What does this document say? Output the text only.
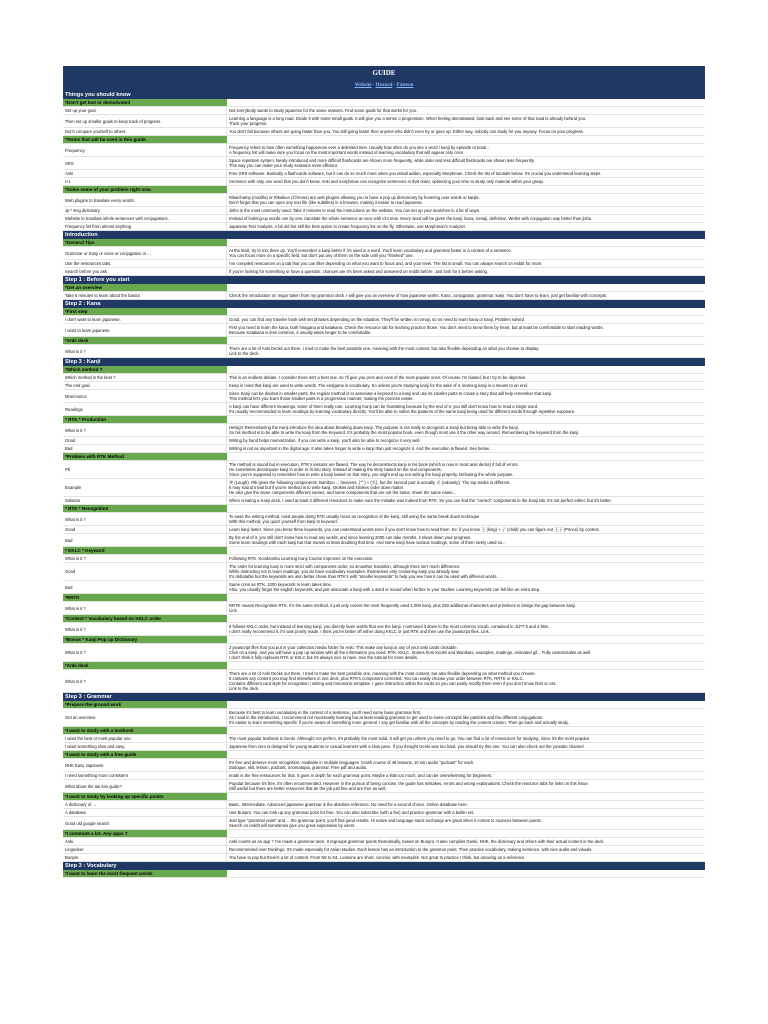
GUIDE
Website - Discord - Patreon
Things you should know
*Don't get lost or demotivated
Set up your goal.	Not everybody wants to study japanese for the same reasons. Find some goals for that works for you.
Then set up smaller goals to keep track of progress.	Learning a language is a long road. Divide it with some small goals. It will give you a sense o progression. When feeling demotivated, look back and see some of that road is already behind you.
Track your progress.
Don't compare yourself to others.	You don't fail because others are going faster than you. You still going faster then anyone who didn't even try or gave up. Either way, nobody can study for you anyway. Focus on your progress.
*Terms that will be used in this guide.
Frequency	Frequency refers to how often something happenens over a delimited time. Usually how often do you see a word / kanji by episode or book...
A frequency list will make sure you focus on the most important words instead of learning vocabulary that will appear only once.
SRS	Space repetition system. Newly introduced and more difficult flashcards are shown more frequently, while older and less difficult flashcards are shown less frequently.
This way you can make your study sessions more efficient.
Anki	Free SRS software. Basically a flashcards software, but it can do so much more when you install addon, especially Morphman. Check the list of tutorials below. It's crucial you understand learning steps.
i+1	Sentence with only one word that you don't know. Anki and morphman can recognize sentences in that order, optimizing your time to study only material within your grasp.
*Solve some of your problem right now.
Web plugins to translate every words.	Rikaichamp (mozilla) or Rikaikun (Chrome) are web plugins allowing you to have a pop up dictionnary by hovering over words or kanjis.
Don't forget that you can open any text file (like subtitles) in a browser, making it easier to read japanese.
Jp * Eng dictionary	Jisho is the most commonly used. Take 2 minutes to read the instructions on the website. You can set up your searches in a lot of ways.
Website to translate whole sentences with conjugations.	Instead of looking-up words one by one, translate the whole sentence at once with ichi.moe. Every word will be given the kanji, kana, romaji, definition. Works with conjugation way better than jisho.
Frequency list from almost anything	Japanese Text Analysis. A bit old but still the best option to create frequency list on the fly. Otherwise, use Morphman's Analyzer.
Introduction
*General Tips
Grammar or Kanji or voice or conjugation or ...	At the start, try to mix them up. You'll remember a kanji better if it's used in a word. You'll learn vocabulary and grammar better in a context of a sentence.
You can focus more on a specific field, but don't put any of them on the side until you "finished" one.
Use the ressources tabs.	I've compiled ressources on a tab that you can filter depending on what you want to focus and, and your level. The list is small. You can always search on reddit for more.
Search before you ask.	If you're looking for something or have a question, chances are it's been asked and answered on reddit before. Just look for it before asking.
Step 1 : Before you start
*Get an overview
Take 5 minutes to learn about the basics	Check the introduction on Imgur taken from my grammar deck. I will give you an overview of how japanese works. Kana, conjugation, grammar, kanji. You don't have to learn, just get familiar with concepts.
Step 2 : Kana
*First step
I don't want to learn japanese.	Good, you can find any traveler book with set phrases depending on the situation. They'll be written in romaji, so no need to learn kana or kanji. Problem solved.
I want to learn japanese.	First you need to learn the kana, both hiragana and katakana. Check the resource tab for learning practice those. You don't need to know them by heart, but at least be comfortable to start reading words.
Because Katakana is less common, it usually takes longer to be comfortable.
*Anki deck
What is it ?	There are a lot of Anki Decks out there. I tried to make the best possible one, meaning with the most content, but also flexible depending on what you choose to display.
Link to the deck.
Step 3 : Kanji
*Which method ?
Which method is the best ?	This is an endless debate. I consider there isn't a best one, so I'll give you pros and cons of the most popular ones. Of course I'm biased, but I try to be objective.
The end goal.	Keep in mind that kanji are used to write words. The endgame is vocabulary. So unless you're studying kanji for the sake of it, learning kanji is a means to an end.
Mnemonics	Since Kanji can be divided in smaller parts, the regular method is to associate a keyword to a kanji and use its smaller parts to create a story that will help remember that kanji.
This method let's you learn those smaller parts in a progressive manner, making the process easier.
Readings	A kanji can have different meanings, some of them really rare. Learning Kanji can be frustrating because by the end of it, you still don't know how to read a single word.
It's usually recommended to learn readings by learning vocabulary directly. You'll be able to notice the patterns of the same kanji being used for different words through repetitive exposure.
* RTK * Production
What is it ?	Heisig's Remembering the Kanji introduce the idea about breaking down kanji. The purpose is not really to recognize a Kanji but being able to write the kanji.
So his method is to be able to write the kanji from the Keyword. It's probably the most popular book, even though most use it the other way around. Remembering the keyword from the kanji.
Good	Writing by hand helps memorization. If you can write a kanji, you'll also be able to recognize it very well.
Bad	Writing is not as important in the digital age. It also takes longer to write a kanji than just recognize it. And the execution is flawed. See below.
*Problem with RTK Method
Pb
The method is sound but in execution, RTK's lessons are flawed. The way he deconstructs kanji in his book (which is now in most anki decks) if full of errors.
He sometimes decompose kanji in order to fit into story. Instead of making the story based on the real components.
Since you're supposed to remember how to write a kanji based on that story, you might end up not writing the kanji properly. Defeating the whole purpose.
Example
笑 (Laugh). Rtk gives the following components: Bamboo ... heavens. (⺮) + (夭), but the second part is actually 夭 (calamity). The top stroke is different.
It may sound trivial but if you're method is to write kanji, strokes and strokes order does matter.
He also give the same components different names, and some components that are not the same, share the same name...
Solution	When creating a Kanji deck, I used at least 3 different resources to make sure the mistake was indeed from RTK. So you can find the "correct" components in the Kanji tab. It's not perfect either, but it's better.
* RTK * Recognition
What is it ?	To ease the writing method, most people doing RTK usually focus on recognition of the kanji, still using the same break down technique.
With this method, you quizz yourself from kanji to keyword.
Good	Learn kanji faster. Since you know three keywords, you can understand words even if you don't know how to read them. Ex: if you know 王 (king) + 子 (child) you can figure out 王子 (Prince) by context.
Bad	By the end of it, you still don't know how to read any words, and since learning 2000 can take months, it slows down your progress.
Some learn readings with each kanji but that means at least doubling that time. And some kanji have various readings, some of them rarely used so...
* KKLC * Keyword
What is it ?	Following RTK, Kondansha Learning Kanji Course improves on the execution.
Good
The order for learning kanji is more strict with components order, so smoother transition, although there isn't much difference.
While instructing not to learn readings, you do have vocabulary examples, themselves only containing kanji you already saw.
It's debatable but the keywords are also better chose than RTK's with "smaller keywords" to help you see how it can be used with different words.
Bad	Same cons as RTK, 2200 keywords to learn takes time.
Also, you usually forget the english keywords, and just associate a kanji with a word or sound when further in your studies. Learning keywords can felt like an extra step.
*RRTK
What is it ?	RRTK means Recognition RTK. It's the same method, it just only covers the most frequently used 1,000 kanji, plus 250 additional characters and primitives to bridge the gap between kanji.
Link.
*Context * Vocabulary based on KKLC order
What is it ?	It follows KKLC order, but instead of learning kanji, you directly learn words that use the kanji. I narrowed it down to the most common vocab, contained in JLPT 5 and 4 lists.
I don't really recommend it, it's was poorly made. I think you're better off either doing KKLC or just RTK and then use the javascript files. Link.
*Bonus * Kanji Pop up Dictionary
What is it ?
2 javascript files that you put in your collection.media folder for Anki. This make any kanji in any of your anki cards clickable.
Click on a kanji, and you will have a pop up window with all the information you need. RTK, KKLC, Stories from Koohii and Wanikani, examples, readings, animated gif... Fully customizable as well.
I don't think it fully replaces RTK or KKLC but it's always nice to have. See the tutorial for more details.
*Anki deck
What is it ?
There are a lot of Anki Decks out there. I tried to make the best possible one, meaning with the most content, but also flexible depending on what method you choose.
It contains any content you may find elsewhere in one deck, plus RTK's component corrected. You can easily choose your order between RTK, RRTK or KKLC.
Contains different card style for recognition / writing and mnemonic template. I gave instruction within the cards so you can easily modify them even if you don't know html or css.
Link to the deck.
Step 3 : Grammar
*Prepare the ground work
Get an overview
Because it's best to learn vocabulary in the context of a sentence, you'll need some basic grammar first.
As I said in the introduction, I recommend not necessarily learning but at least reading grammar to get used to some concepts like particles and the different conjugations.
It's easier to learn something specific if you're aware of something more general. I say get familiar with all the concepts by reading the content column. Then go back and actually study.
*I want to study with a textbook
I want the best or most popular one.	The most popular textbook is Genki. Althought not perfect, it's probably the most solid. It will get you where you need to go. You can find a lot of ressources for studying, since it's the most popular
I want something slow and easy.	Japanese from zero is designed for young students or casual learners with a slow pace. If you thought Genki was too hard, you should try this one. You can also check out the youtube channel.
*I want to study with a free guide
NHK Easy Japanese	It's free and deserve more recognition. Available in multiple languages. Crash course of 48 lessons, 10 min audio "podcast" for each.
Dialogue, skit, lesson, podcast, onomatopia, grammar. Free pdf and audio.
I need something more consistent	Imabi is the free ressources for that. It goes in depth for each grammar point. Maybe a little too much, and can be overwhelming for beginners.
What about the tae kim guide?	Popular because it's free, it's often recommended. However in the pursuit of being concise, the guide has mistakes, errors and wrong explanations. Check the resource tabs for links on this issue.
Still useful but there are better resources that do the job just fine and are free as well.
*I want to study by looking up specific points
A dictionary of ...	Basic, Intermediate, Advanced japanese grammar is the absolute reference. No need for a second choice. Online database here.
A database	Use Bunpro. You can look up any grammar point for free. You can also subscribe (with a fee) and practice grammar with a builtin srs.
Good old google search	Just type "grammar point" and ... the grammar point, you'll find good results. Hi native and language stack exchange are great when it comes to nuances between points.
Search on reddit will sometimes give you great exploration by users.
*I commute a lot. Any apps ?
Anki.	Anki counts as an app ? I've made a grammar deck. It regroups grammar points thematically, based on Bunpro. It also compiles Genki, NHK, the dictionary and others with their actual content in the deck.
Lingodeer	Recommended over Duolingo. It's made especially for Asian studies. Each lesson has an introduction to the grammar point. Then practice vocabulary, making sentence, with nice audio and visuals.
Bunpro	You have to pay but there's a lot of content. From N5 to N1. Lessons are short, concise, with examples. Not great to practice I think, but amazing as a reference.
Step 3 : Vocabulary
*I want to learn the most frequent words
